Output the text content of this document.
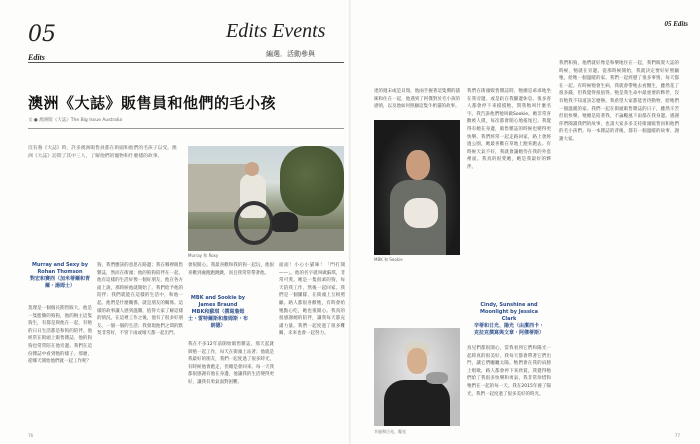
05
Edits
Edits Events
編選．活動參與
05 Edits
澳洲《大誌》販售員和他們的毛小孩
文 ● 澳洲版《大誌》The Big Issue Australia
沒有養《大誌》時，許多澳洲販售員都在街頭和他們的毛孩子以受。澳洲《大誌》訪問了其中三人，了解他們的寵物和什麼樣的故事。
Murray 和 Roxy
MBK 和 Sookie
辛迪和日光、陽光
Murray and Sexy by Rohan Thomson
對宏和赛西（加米蒂爾和青爾・湯姆士）
MBK and Sookie by James Braund
MBK和蘇琪（撰寫詹姆士・雷特爾斯和詹姆斯・布朗德）
Cindy, Sunshine and Moonlight by Jessica Clark
辛蒂和日光、陽光（由潔西卡・克拉克撰寫與文章・阿傑蒂斯）
莫理是一個個長期售販大，他是一隻藍臉的狗狗，他的飼主這隻狗生，有都是與他在一起，有牠的日日生活都是和狗的陪伴。他經常在街頭上販售雜誌，他的狗狗也常常陪在他旁邊。我們在這份雜誌中看到牠的樣子。那麼，從哪天開始他們就一起工作呢？
狗，我們應該的意思在路邊；我在哪裡販售雜誌，然而在街頭；他的狗狗陪伴在一起，他有這樣的生活好像一個好朋友，他在各方面上說，那時候他就開始了，我們給予他的陪伴；我們就能在這樣的生活中，和他一起。他們是什麼關係，就是朋友的關係。這樣的故事讓人感到溫馨，值得大家了解這樣的情況。在這裡工作之後，他有了很多好朋友。一個一個的生活；我發現他們之間的默契非常好，不管下雨或晴天都一起出門。
會很開心。我最喜歡和我的狗一起玩，他很喜歡到處跑跑跳跳，而且我常常帶著他。
我在不多12年前開始販售雜誌，那天起就與牠一起工作，每天在街頭上站著；他就是我最好的朋友，我們一起度過了很多時光，有時候他會跑走，但總是會回來。每一天我都很感謝有他在身邊，他讓我的生活變得更好，讓我有勇氣面對困難。
面面！小心小貓咪！「門打開——」。他的名字就叫做蘇琪，非常可愛。她是一隻很乖的狗，每天陪我工作，然後一起回家。我們是一個團隊，在街頭上互相照顧。路人都很喜歡牠，有時會給牠點心吃，她也很開心。我真的很感謝她的陪伴，讓我每天都充滿力量。我們一起度過了很多難關，未來也會一起努力。
達的週末或是貝瑞，他兩手握著這隻灣的貓咪和住在一起，他遇到了阿傑對於毛小孩的感情，以及他如何照顧這隻牛奶貓的故事。
我們在街頭販售雜誌時，牠總是乖乖地坐在我旁邊，或是趴在我腳邊休息。很多客人都會停下來摸摸牠，問我牠叫什麼名字。我告訴他們牠叫做Sookie。她非常喜歡被人摸，每次都會開心地搖尾巴。我覺得有她在身邊，販售雜誌的時候也變得更快樂。我們經常一起走路回家，路上會經過公園，她最喜歡在草地上跑來跑去。有時候天氣不好，我就會讓她待在我的外套裡面。我真的很愛她，她是我最好的夥伴。
鳥兒們都很開心，當我看到它們和陽光一起時真的很美好。我每天都會帶著它們出門，讓它們曬曬太陽。牠們會在我的肩膀上唱歌，路人都會停下來欣賞。我覺得牠們給了我很多快樂和勇氣，我非常珍惜和牠們在一起的每一天。我在2015年養了陽光，我們一起度過了很多美好的時光。
我們和狗，他們就好像是和樂地住在一起，我們販賣大誌的時候，牠就在旁邊。從那時候開始，我就決定要好好照顧牠，給牠一個溫暖的家。我們一起經歷了很多事情，每天都在一起。有時候牠會生病，我就會帶牠去看醫生，雖然花了很多錢，但我覺得很值得。牠是我生命中最重要的夥伴，沒有牠我不知道該怎麼辦。我希望大家都能善待動物，給牠們一個溫暖的家。我們一起在街頭販售雜誌的日子，雖然辛苦但很快樂。牠總是陪著我，不論颳風下雨都在我身邊。感謝你們閱讀我們的故事，也請大家多多支持街頭販售員和他們的毛小孩們。每一本雜誌的背後，都有一個溫暖的故事，謝謝大家。
76	77
